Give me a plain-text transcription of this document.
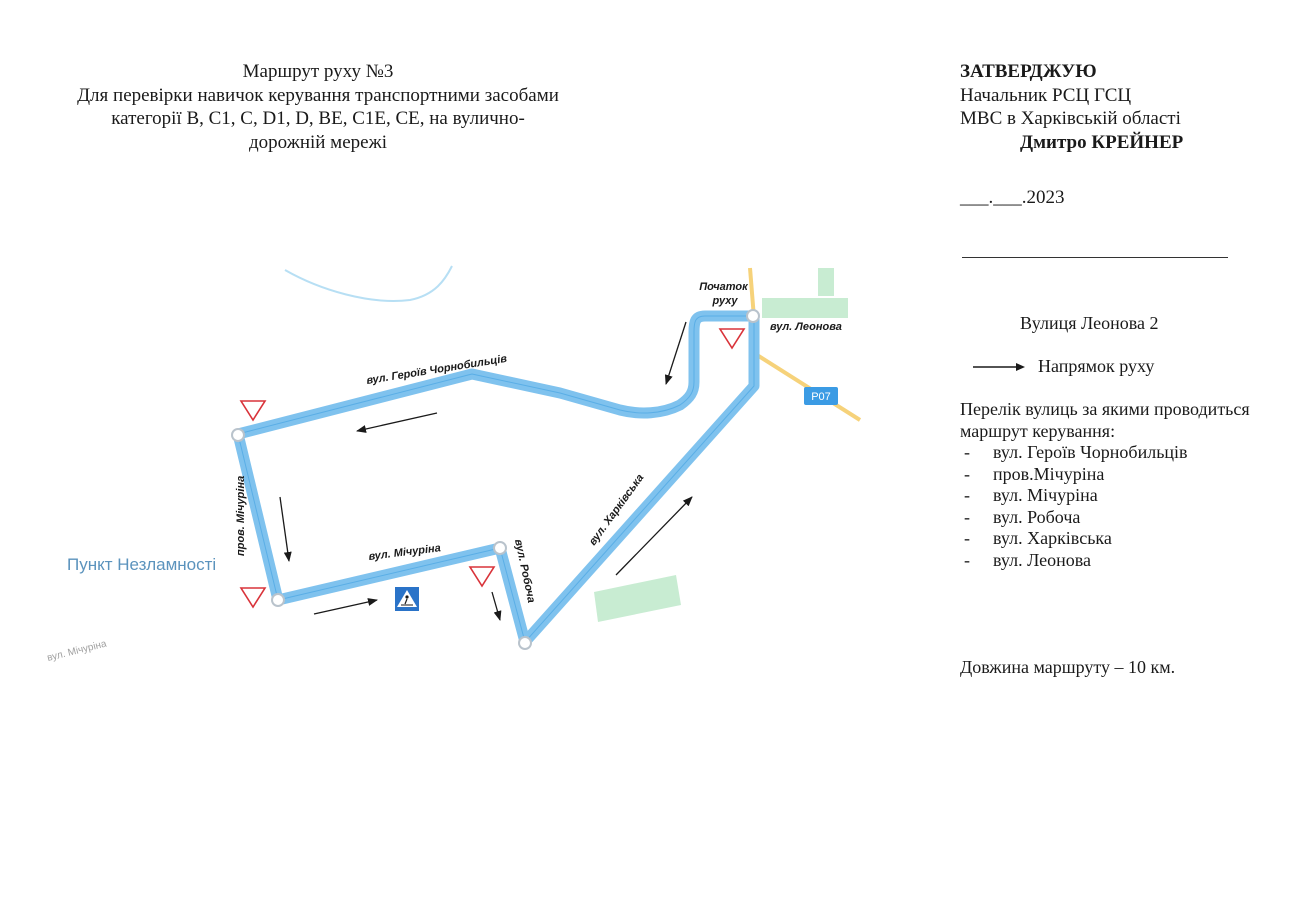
Маршрут руху №3
Для перевірки навичок керування транспортними засобами
категорії В, С1, С, D1, D, ВЕ, С1Е, СЕ, на вулично-
дорожній мережі
ЗАТВЕРДЖУЮ
Начальник РСЦ ГСЦ
МВС в Харківській області
Дмитро КРЕЙНЕР
___.___.2023
Вулиця Леонова 2
Напрямок руху
Перелік вулиць за якими проводиться маршрут керування:
- вул. Героїв Чорнобильців
- пров.Мічуріна
- вул. Мічуріна
- вул. Робоча
- вул. Харківська
- вул. Леонова
Довжина маршруту – 10 км.
Р07
Початок руху
вул. Леонова
вул. Героїв Чорнобильців
пров. Мічуріна	вул. Мічуріна	вул. Робоча
вул. Харківська
Пункт Незламності
вул. Мічуріна
